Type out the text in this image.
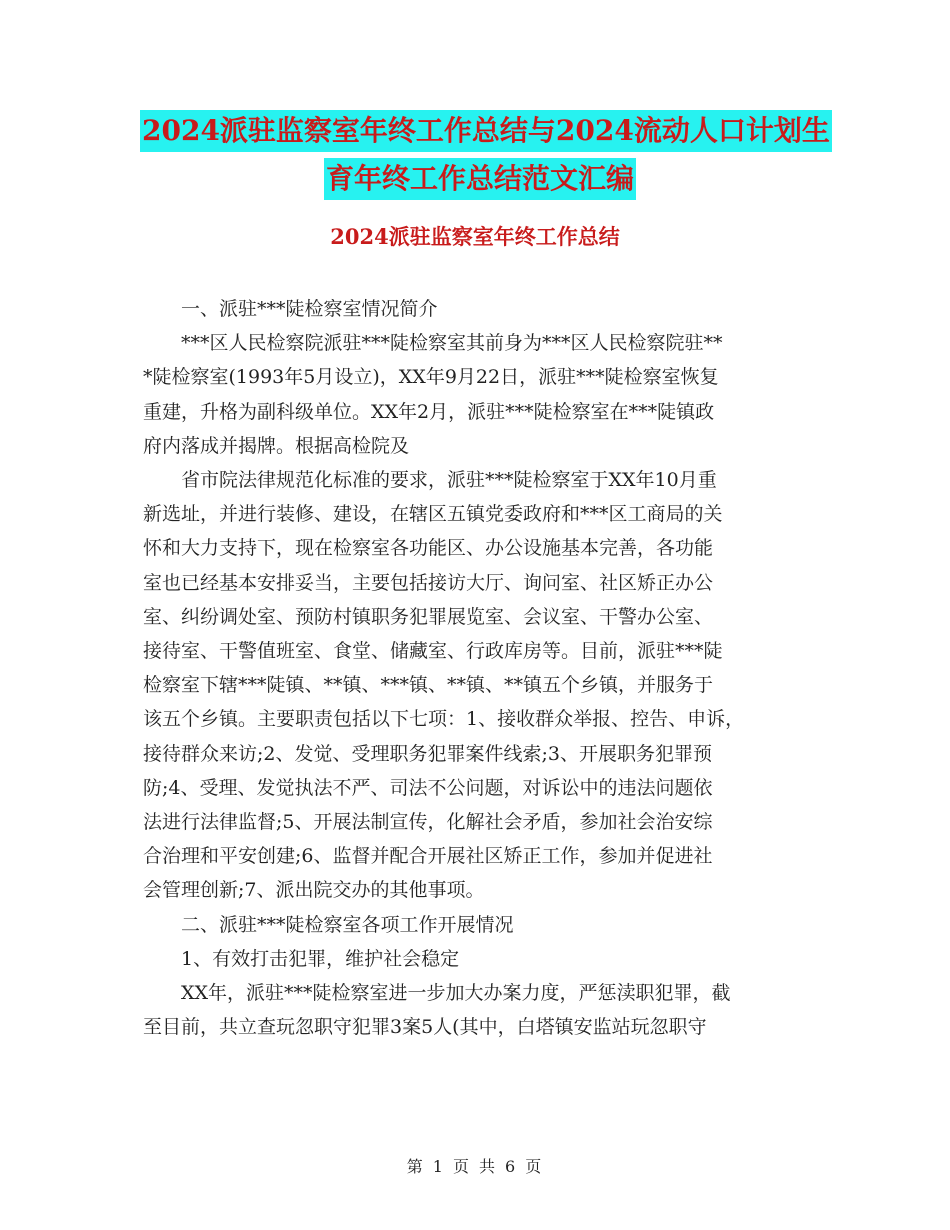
2024派驻监察室年终工作总结与2024流动人口计划生
育年终工作总结范文汇编
2024派驻监察室年终工作总结
一、派驻***陡检察室情况简介
***区人民检察院派驻***陡检察室其前身为***区人民检察院驻**
*陡检察室(1993年5月设立)，XX年9月22日，派驻***陡检察室恢复
重建，升格为副科级单位。XX年2月，派驻***陡检察室在***陡镇政
府内落成并揭牌。根据高检院及
省市院法律规范化标准的要求，派驻***陡检察室于XX年10月重
新选址，并进行装修、建设，在辖区五镇党委政府和***区工商局的关
怀和大力支持下，现在检察室各功能区、办公设施基本完善，各功能
室也已经基本安排妥当，主要包括接访大厅、询问室、社区矫正办公
室、纠纷调处室、预防村镇职务犯罪展览室、会议室、干警办公室、
接待室、干警值班室、食堂、储藏室、行政库房等。目前，派驻***陡
检察室下辖***陡镇、**镇、***镇、**镇、**镇五个乡镇，并服务于
该五个乡镇。主要职责包括以下七项：1、接收群众举报、控告、申诉，
接待群众来访;2、发觉、受理职务犯罪案件线索;3、开展职务犯罪预
防;4、受理、发觉执法不严、司法不公问题，对诉讼中的违法问题依
法进行法律监督;5、开展法制宣传，化解社会矛盾，参加社会治安综
合治理和平安创建;6、监督并配合开展社区矫正工作，参加并促进社
会管理创新;7、派出院交办的其他事项。
二、派驻***陡检察室各项工作开展情况
1、有效打击犯罪，维护社会稳定
XX年，派驻***陡检察室进一步加大办案力度，严惩渎职犯罪，截
至目前，共立查玩忽职守犯罪3案5人(其中，白塔镇安监站玩忽职守
第 1 页 共 6 页
